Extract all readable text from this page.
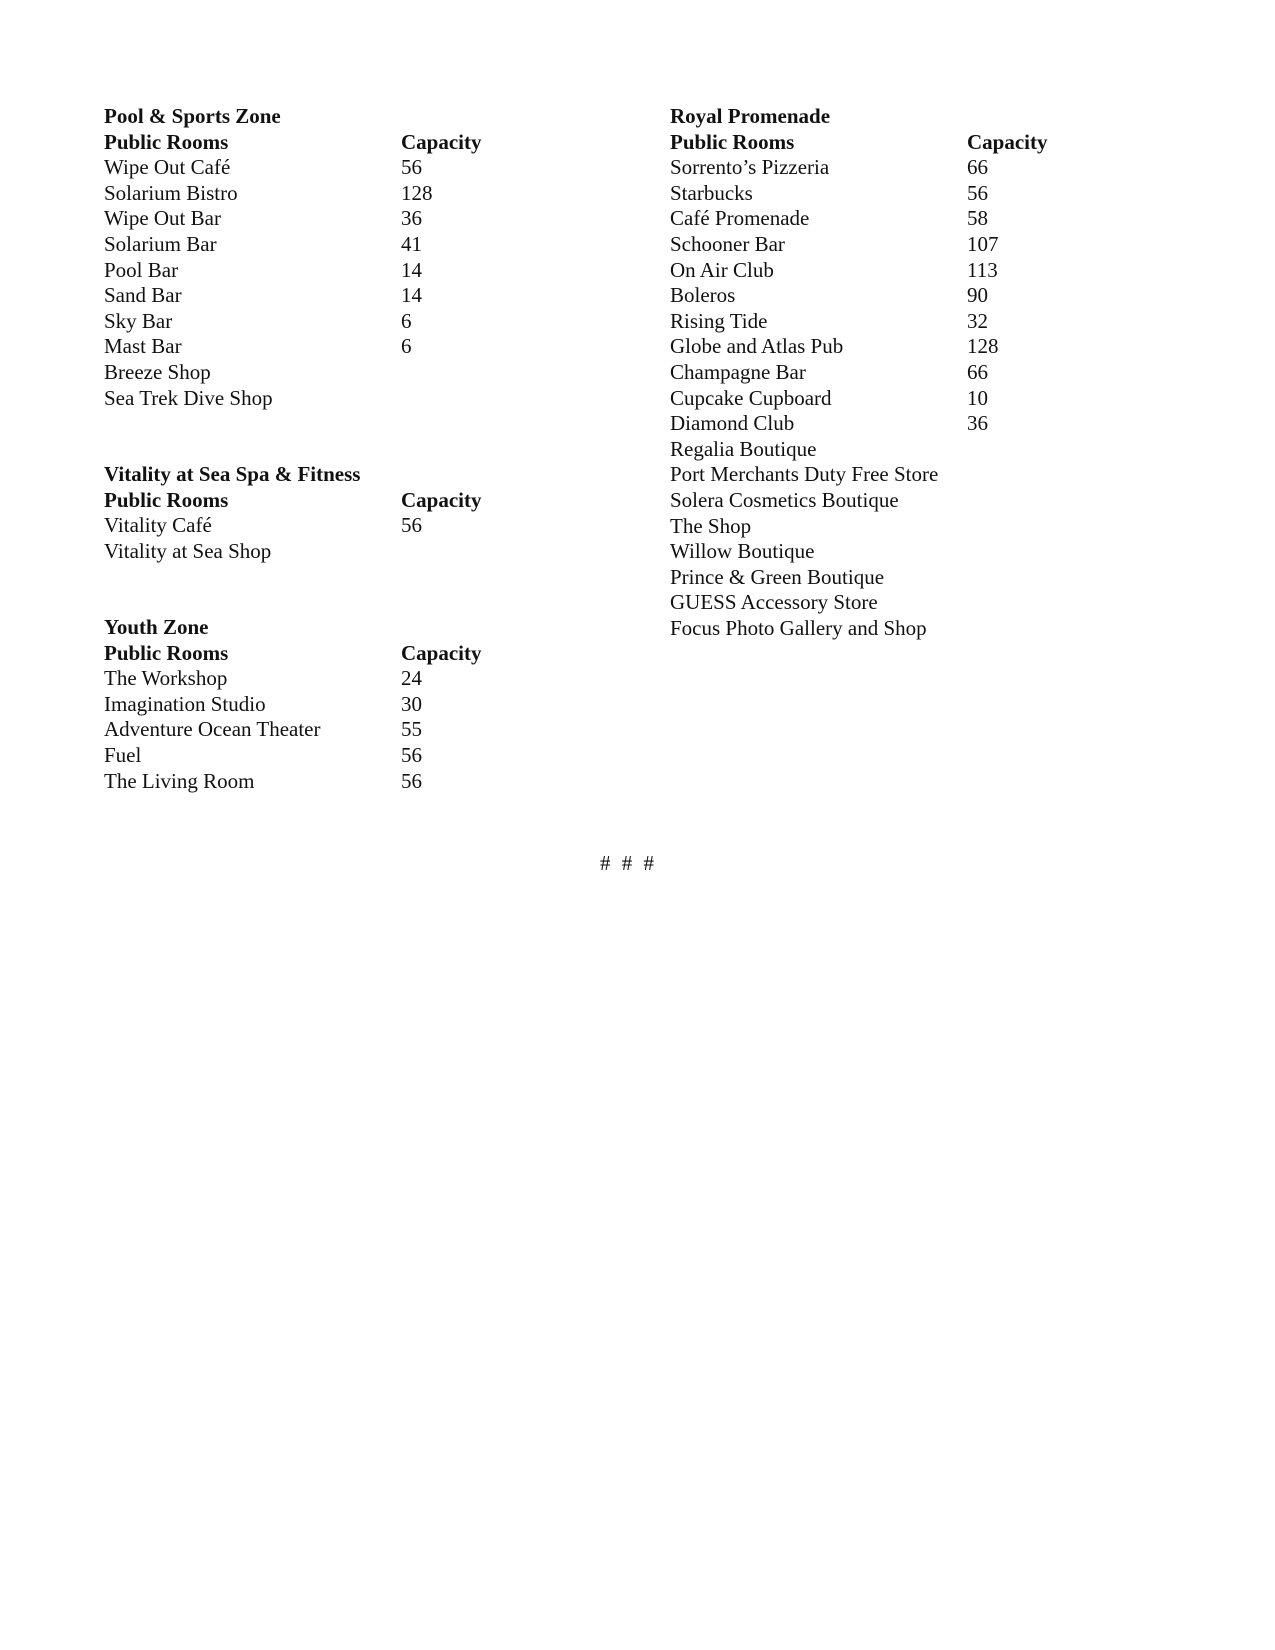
Pool & Sports Zone
Public Rooms	Capacity
Wipe Out Café	56
Solarium Bistro	128
Wipe Out Bar	36
Solarium Bar	41
Pool Bar	14
Sand Bar	14
Sky Bar	6
Mast Bar	6
Breeze Shop
Sea Trek Dive Shop
Vitality at Sea Spa & Fitness
Public Rooms	Capacity
Vitality Café	56
Vitality at Sea Shop
Youth Zone
Public Rooms	Capacity
The Workshop	24
Imagination Studio	30
Adventure Ocean Theater	55
Fuel	56
The Living Room	56
Royal Promenade
Public Rooms	Capacity
Sorrento’s Pizzeria	66
Starbucks	56
Café Promenade	58
Schooner Bar	107
On Air Club	113
Boleros	90
Rising Tide	32
Globe and Atlas Pub	128
Champagne Bar	66
Cupcake Cupboard	10
Diamond Club	36
Regalia Boutique
Port Merchants Duty Free Store
Solera Cosmetics Boutique
The Shop
Willow Boutique
Prince & Green Boutique
GUESS Accessory Store
Focus Photo Gallery and Shop
# # #
